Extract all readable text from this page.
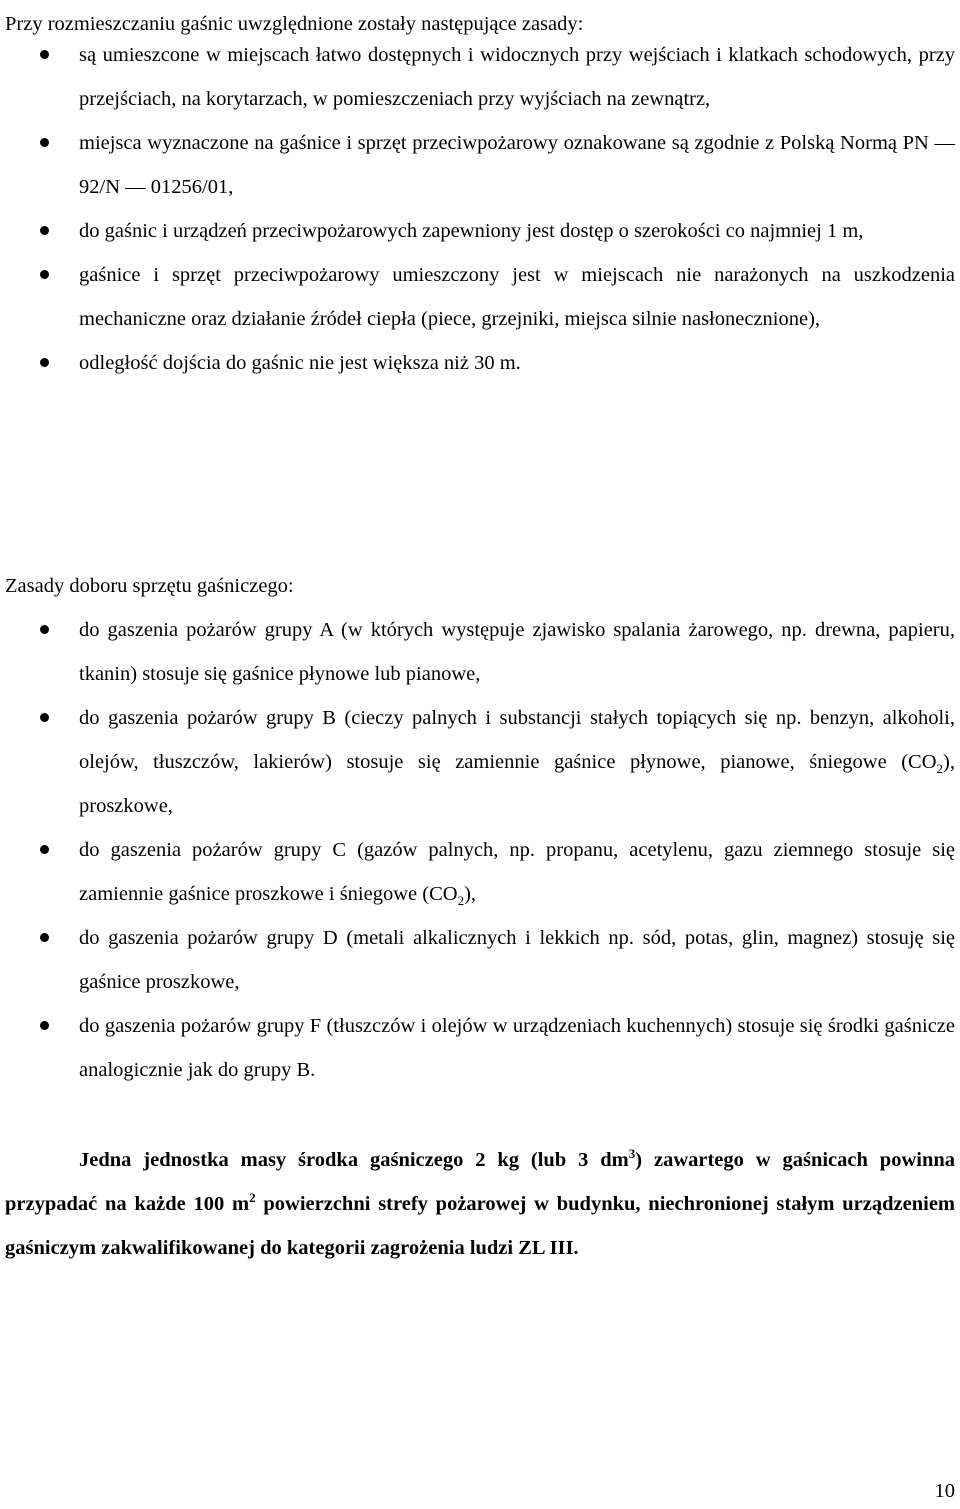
Przy rozmieszczaniu gaśnic uwzględnione zostały następujące zasady:

są umieszcone w miejscach łatwo dostępnych i widocznych przy wejściach i klatkach schodowych, przy przejściach, na korytarzach, w pomieszczeniach przy wyjściach na zewnątrz,
miejsca wyznaczone na gaśnice i sprzęt przeciwpożarowy oznakowane są zgodnie z Polską Normą PN — 92/N — 01256/01,
do gaśnic i urządzeń przeciwpożarowych zapewniony jest dostęp o szerokości co najmniej 1 m,
gaśnice i sprzęt przeciwpożarowy umieszczony jest w miejscach nie narażonych na uszkodzenia mechaniczne oraz działanie źródeł ciepła (piece, grzejniki, miejsca silnie nasłonecznione),
odległość dojścia do gaśnic nie jest większa niż 30 m.

Zasady doboru sprzętu gaśniczego:

do gaszenia pożarów grupy A (w których występuje zjawisko spalania żarowego, np. drewna, papieru, tkanin) stosuje się gaśnice płynowe lub pianowe,
do gaszenia pożarów grupy B (cieczy palnych i substancji stałych topiących się np. benzyn, alkoholi, olejów, tłuszczów, lakierów) stosuje się zamiennie gaśnice płynowe, pianowe, śniegowe $(CO_2)$, proszkowe,
do gaszenia pożarów grupy C (gazów palnych, np. propanu, acetylenu, gazu ziemnego stosuje się zamiennie gaśnice proszkowe i śniegowe $(CO_2)$,
do gaszenia pożarów grupy D (metali alkalicznych i lekkich np. sód, potas, glin, magnez) stosuję się gaśnice proszkowe,
do gaszenia pożarów grupy F (tłuszczów i olejów w urządzeniach kuchennych) stosuje się środki gaśnicze analogicznie jak do grupy B.

Jedna jednostka masy środka gaśniczego 2 kg (lub 3 $dm^3$) zawartego w gaśnicach powinna przypadać na każde 100 $m^2$ powierzchni strefy pożarowej w budynku, niechronionej stałym urządzeniem gaśniczym zakwalifikowanej do kategorii zagrożenia ludzi ZL III.

10
